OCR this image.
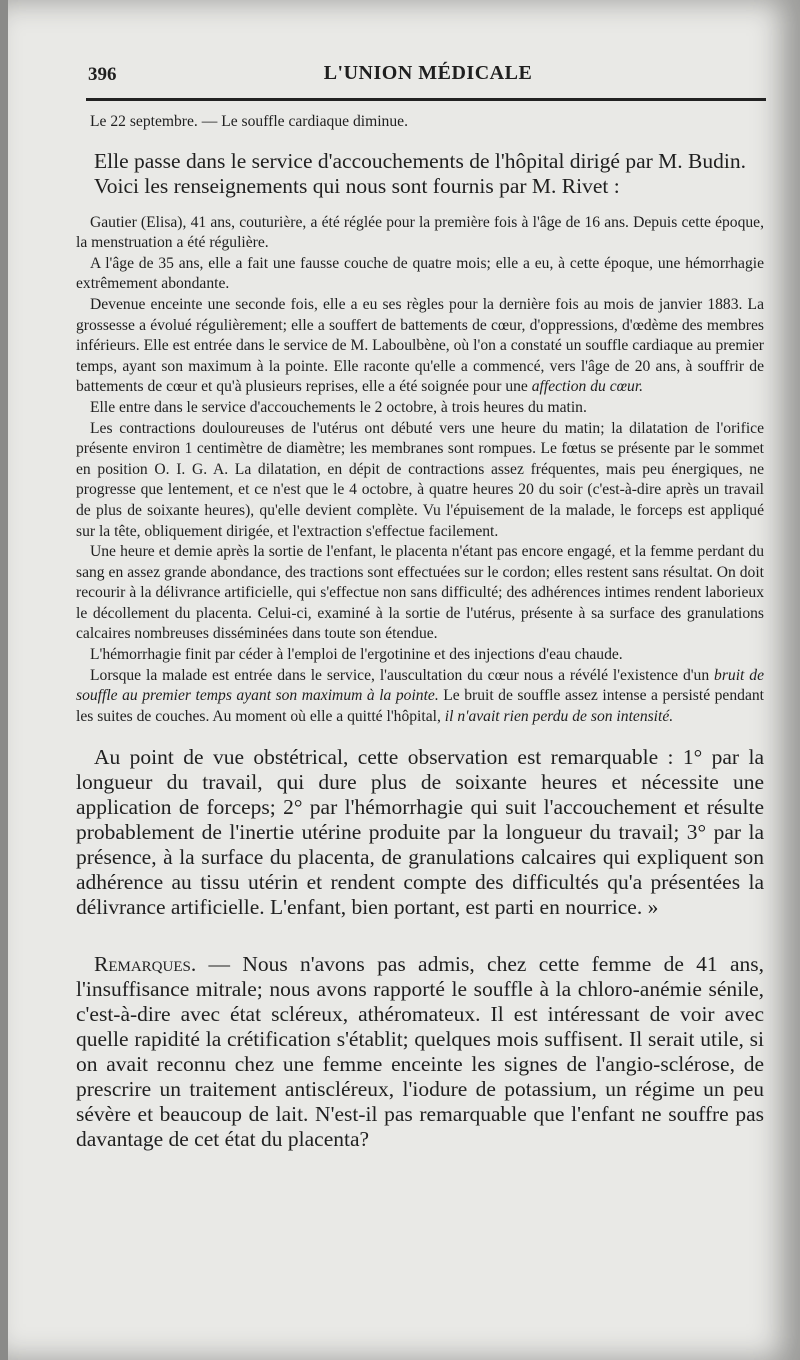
396	L'UNION MÉDICALE

Le 22 septembre. — Le souffle cardiaque diminue.

Elle passe dans le service d'accouchements de l'hôpital dirigé par M. Budin.

Voici les renseignements qui nous sont fournis par M. Rivet :

Gautier (Elisa), 41 ans, couturière, a été réglée pour la première fois à l'âge de 16 ans. Depuis cette époque, la menstruation a été régulière.

A l'âge de 35 ans, elle a fait une fausse couche de quatre mois; elle a eu, à cette époque, une hémorrhagie extrêmement abondante.

Devenue enceinte une seconde fois, elle a eu ses règles pour la dernière fois au mois de janvier 1883. La grossesse a évolué régulièrement; elle a souffert de battements de cœur, d'oppressions, d'œdème des membres inférieurs. Elle est entrée dans le service de M. Laboulbène, où l'on a constaté un souffle cardiaque au premier temps, ayant son maximum à la pointe. Elle raconte qu'elle a commencé, vers l'âge de 20 ans, à souffrir de battements de cœur et qu'à plusieurs reprises, elle a été soignée pour une affection du cœur.

Elle entre dans le service d'accouchements le 2 octobre, à trois heures du matin.

Les contractions douloureuses de l'utérus ont débuté vers une heure du matin; la dilatation de l'orifice présente environ 1 centimètre de diamètre; les membranes sont rompues. Le fœtus se présente par le sommet en position O. I. G. A. La dilatation, en dépit de contractions assez fréquentes, mais peu énergiques, ne progresse que lentement, et ce n'est que le 4 octobre, à quatre heures 20 du soir (c'est-à-dire après un travail de plus de soixante heures), qu'elle devient complète. Vu l'épuisement de la malade, le forceps est appliqué sur la tête, obliquement dirigée, et l'extraction s'effectue facilement.

Une heure et demie après la sortie de l'enfant, le placenta n'étant pas encore engagé, et la femme perdant du sang en assez grande abondance, des tractions sont effectuées sur le cordon; elles restent sans résultat. On doit recourir à la délivrance artificielle, qui s'effectue non sans difficulté; des adhérences intimes rendent laborieux le décollement du placenta. Celui-ci, examiné à la sortie de l'utérus, présente à sa surface des granulations calcaires nombreuses disséminées dans toute son étendue.

L'hémorrhagie finit par céder à l'emploi de l'ergotinine et des injections d'eau chaude.

Lorsque la malade est entrée dans le service, l'auscultation du cœur nous a révélé l'existence d'un bruit de souffle au premier temps ayant son maximum à la pointe. Le bruit de souffle assez intense a persisté pendant les suites de couches. Au moment où elle a quitté l'hôpital, il n'avait rien perdu de son intensité.

Au point de vue obstétrical, cette observation est remarquable : 1° par la longueur du travail, qui dure plus de soixante heures et nécessite une application de forceps; 2° par l'hémorrhagie qui suit l'accouchement et résulte probablement de l'inertie utérine produite par la longueur du travail; 3° par la présence, à la surface du placenta, de granulations calcaires qui expliquent son adhérence au tissu utérin et rendent compte des difficultés qu'a présentées la délivrance artificielle. L'enfant, bien portant, est parti en nourrice. »

Remarques. — Nous n'avons pas admis, chez cette femme de 41 ans, l'insuffisance mitrale; nous avons rapporté le souffle à la chloro-anémie sénile, c'est-à-dire avec état scléreux, athéromateux. Il est intéressant de voir avec quelle rapidité la crétification s'établit; quelques mois suffisent. Il serait utile, si on avait reconnu chez une femme enceinte les signes de l'angio-sclérose, de prescrire un traitement antiscléreux, l'iodure de potassium, un régime un peu sévère et beaucoup de lait. N'est-il pas remarquable que l'enfant ne souffre pas davantage de cet état du placenta?
